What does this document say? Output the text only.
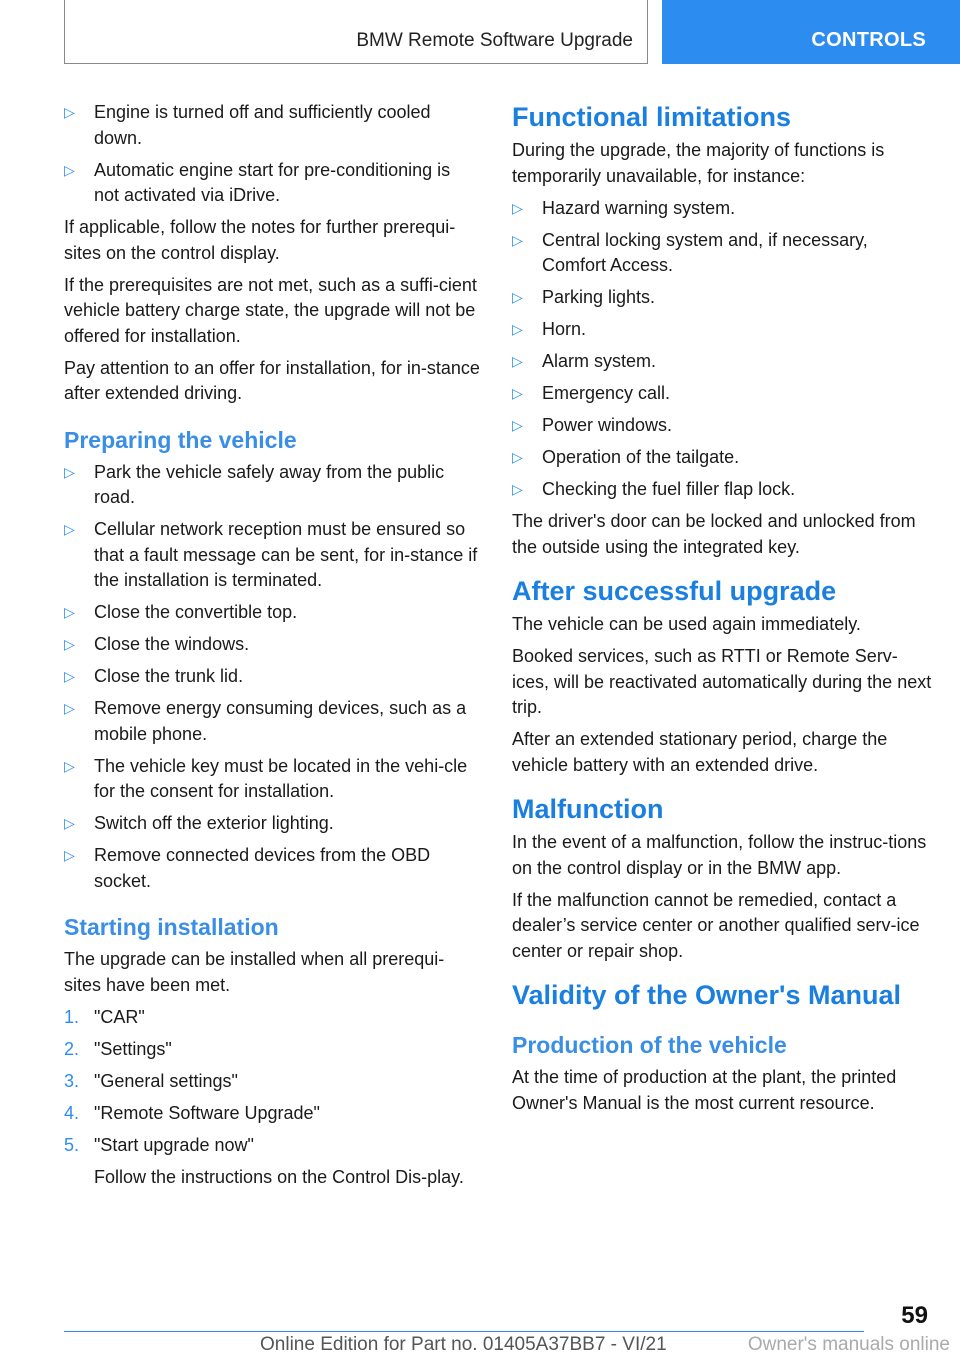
BMW Remote Software Upgrade	CONTROLS
▷ Engine is turned off and sufficiently cooled down.
▷ Automatic engine start for pre-conditioning is not activated via iDrive.

If applicable, follow the notes for further prerequi‐sites on the control display.

If the prerequisites are not met, such as a suffi‐cient vehicle battery charge state, the upgrade will not be offered for installation.

Pay attention to an offer for installation, for in‐stance after extended driving.

Preparing the vehicle
▷ Park the vehicle safely away from the public road.
▷ Cellular network reception must be ensured so that a fault message can be sent, for in‐stance if the installation is terminated.
▷ Close the convertible top.
▷ Close the windows.
▷ Close the trunk lid.
▷ Remove energy consuming devices, such as a mobile phone.
▷ The vehicle key must be located in the vehi‐cle for the consent for installation.
▷ Switch off the exterior lighting.
▷ Remove connected devices from the OBD socket.
Starting installation

The upgrade can be installed when all prerequi‐sites have been met.

1. "CAR"
2. "Settings"
3. "General settings"
4. "Remote Software Upgrade"
5. "Start upgrade now"

Follow the instructions on the Control Dis‐play.

Functional limitations

During the upgrade, the majority of functions is temporarily unavailable, for instance:

▷ Hazard warning system.
▷ Central locking system and, if necessary, Comfort Access.
▷ Parking lights.
▷ Horn.
▷ Alarm system.
▷ Emergency call.
▷ Power windows.
▷ Operation of the tailgate.
▷ Checking the fuel filler flap lock.

The driver's door can be locked and unlocked from the outside using the integrated key.

After successful upgrade

The vehicle can be used again immediately.

Booked services, such as RTTI or Remote Serv‐ices, will be reactivated automatically during the next trip.

After an extended stationary period, charge the vehicle battery with an extended drive.

Malfunction

In the event of a malfunction, follow the instruc‐tions on the control display or in the BMW app.

If the malfunction cannot be remedied, contact a dealer’s service center or another qualified serv‐ice center or repair shop.

Validity of the Owner's Manual
Production of the vehicle

At the time of production at the plant, the printed Owner's Manual is the most current resource.

59
Online Edition for Part no. 01405A37BB7 - VI/21	Owner's manuals online
